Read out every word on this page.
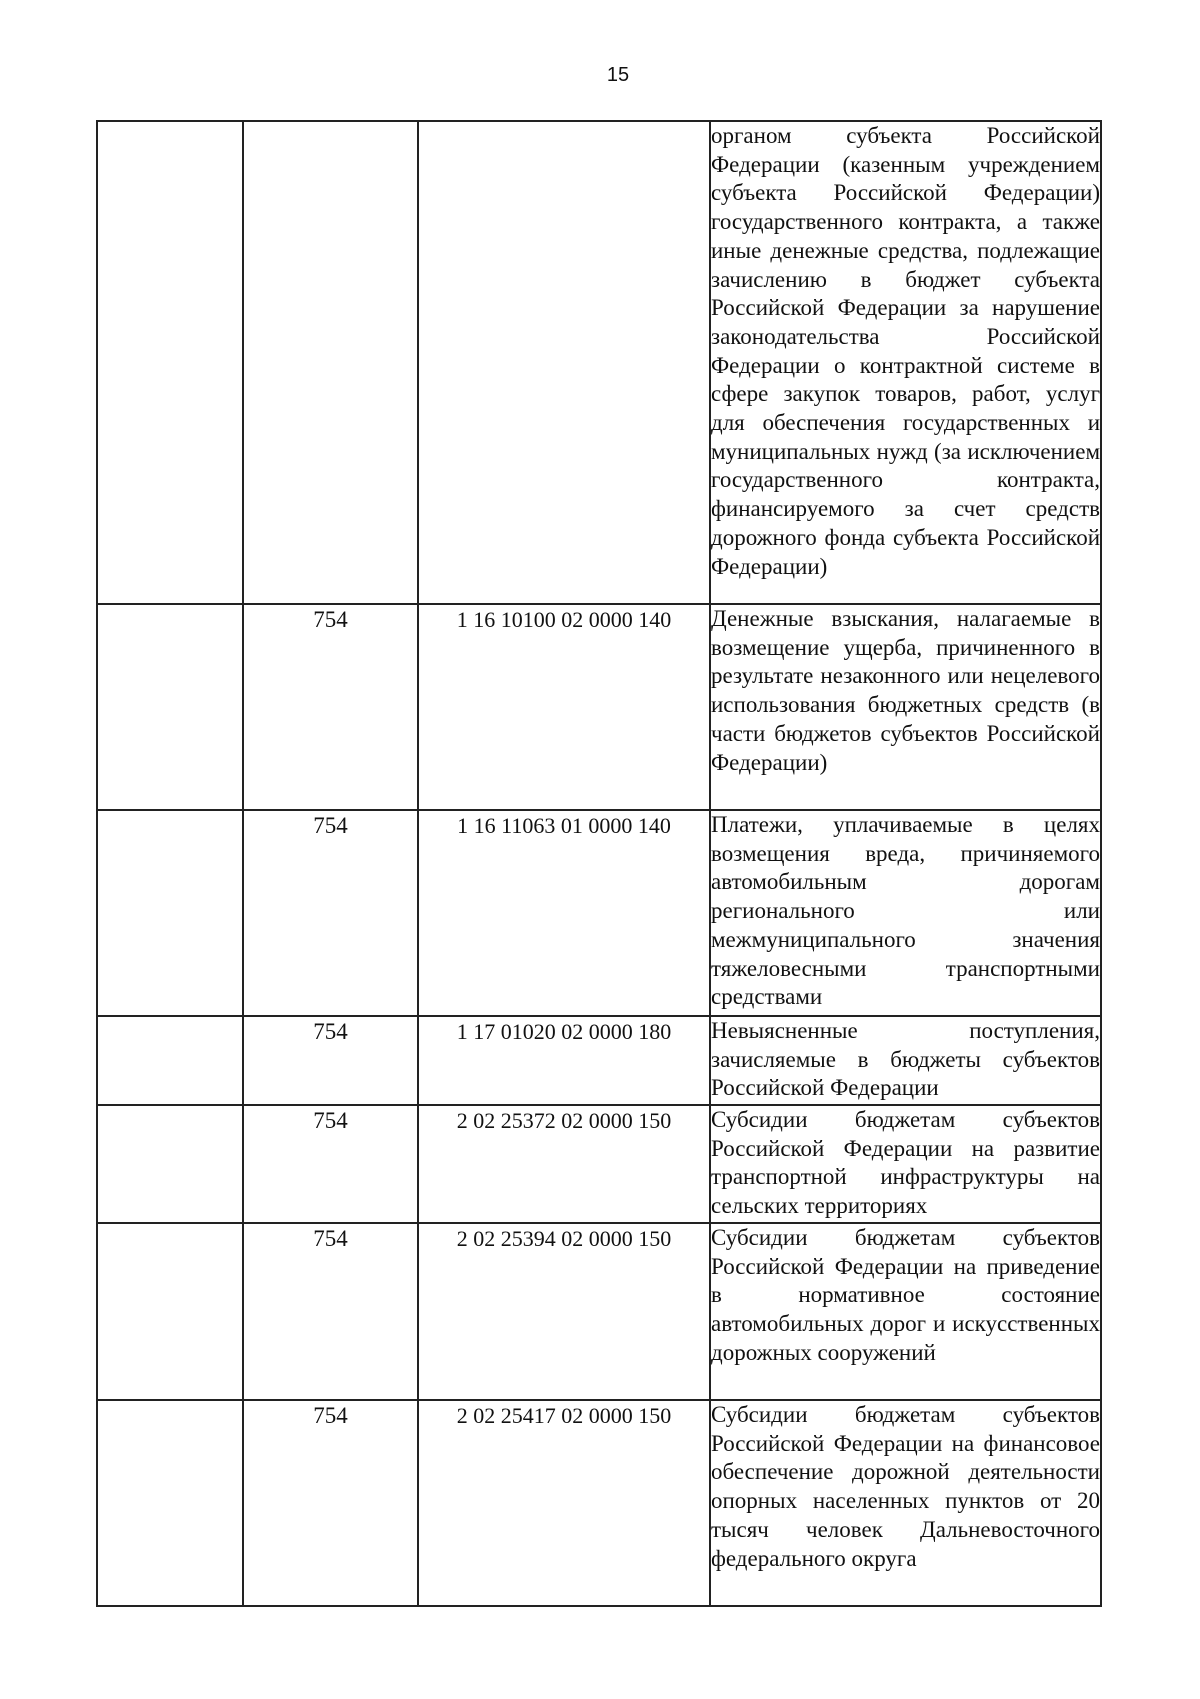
15
			органом субъекта Российской Федерации (казенным учреждением субъекта Российской Федерации) государственного контракта, а также иные денежные средства, подлежащие зачислению в бюджет субъекта Российской Федерации за нарушение законодательства Российской Федерации о контрактной системе в сфере закупок товаров, работ, услуг для обеспечения государственных и муниципальных нужд (за исключением государственного контракта, финансируемого за счет средств дорожного фонда субъекта Российской Федерации)
	754	1 16 10100 02 0000 140	Денежные взыскания, налагаемые в возмещение ущерба, причиненного в результате незаконного или нецелевого использования бюджетных средств (в части бюджетов субъектов Российской Федерации)
	754	1 16 11063 01 0000 140	Платежи, уплачиваемые в целях возмещения вреда, причиняемого автомобильным дорогам регионального или межмуниципального значения тяжеловесными транспортными средствами
	754	1 17 01020 02 0000 180	Невыясненные поступления, зачисляемые в бюджеты субъектов Российской Федерации
	754	2 02 25372 02 0000 150	Субсидии бюджетам субъектов Российской Федерации на развитие транспортной инфраструктуры на сельских территориях
	754	2 02 25394 02 0000 150	Субсидии бюджетам субъектов Российской Федерации на приведение в нормативное состояние автомобильных дорог и искусственных дорожных сооружений
	754	2 02 25417 02 0000 150	Субсидии бюджетам субъектов Российской Федерации на финансовое обеспечение дорожной деятельности опорных населенных пунктов от 20 тысяч человек Дальневосточного федерального округа
